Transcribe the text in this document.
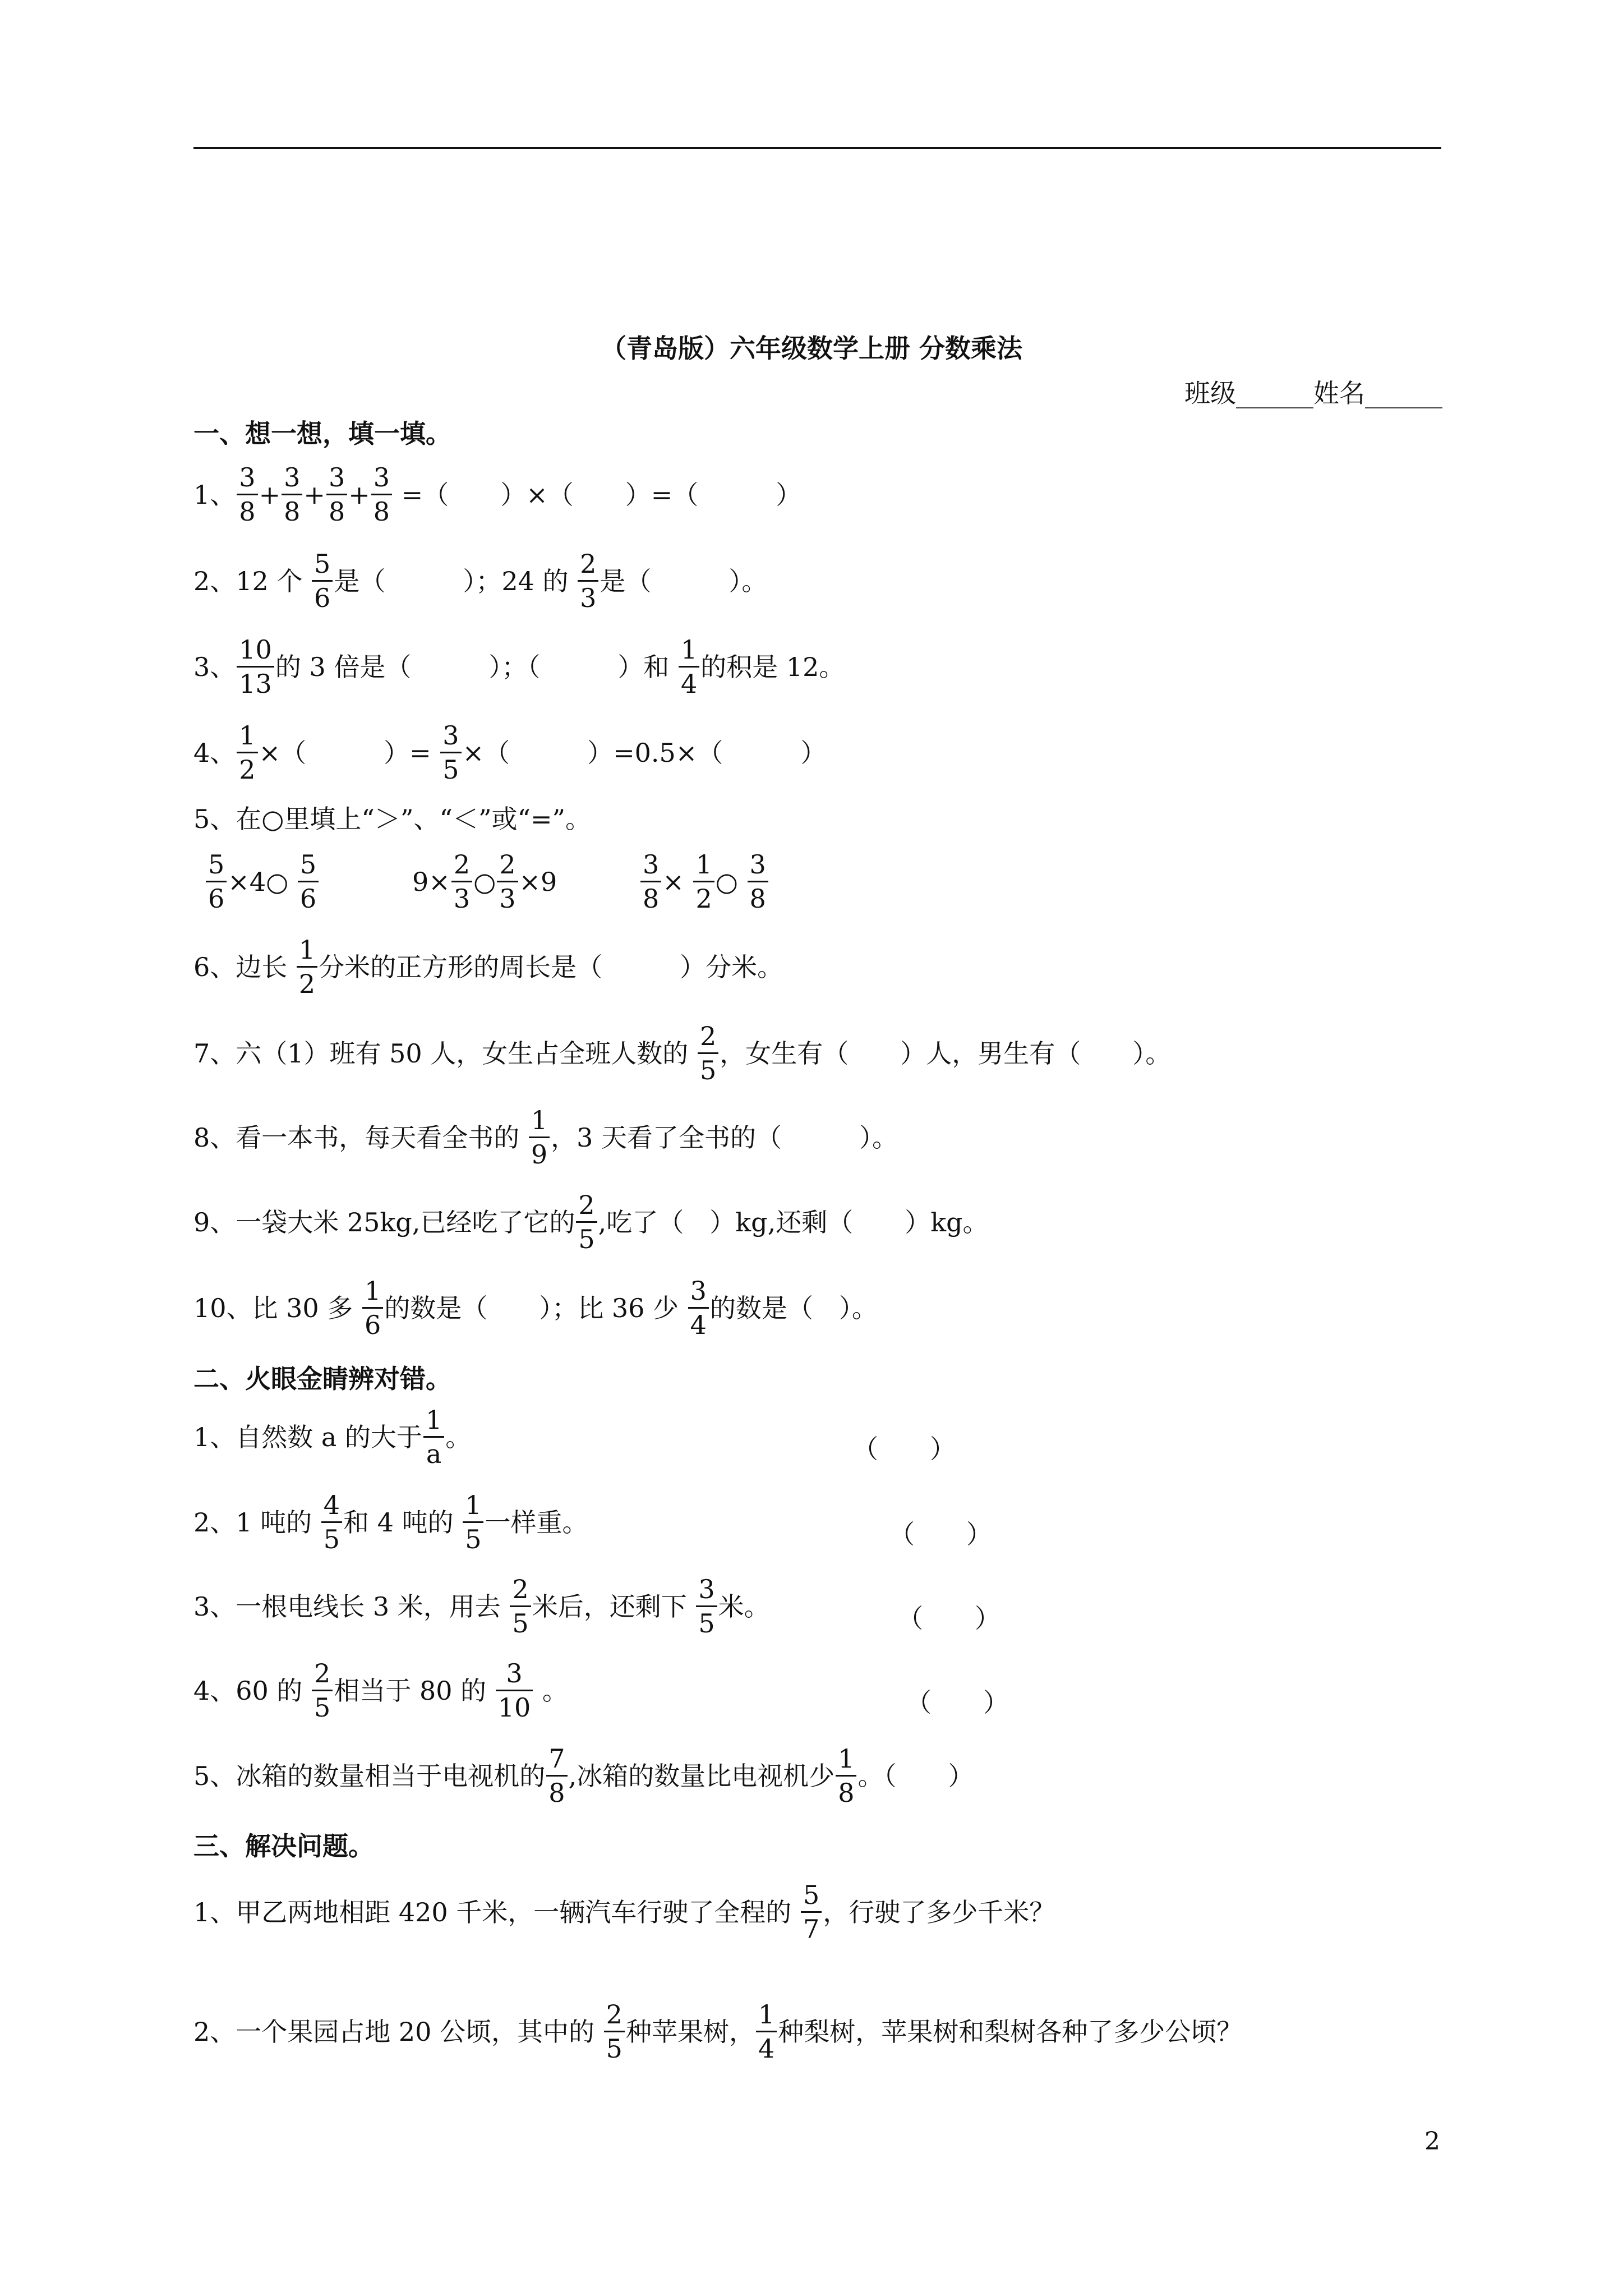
（青岛版）六年级数学上册 分数乘法
班级______姓名______
一、想一想，填一填。
1、 $\frac{3}{8} + \frac{3}{8} + \frac{3}{8} + \frac{3}{8}$ =（　　）×（　　）=（　　　）
2、12 个 $\frac{5}{6}$ 是（　　　）；24 的 $\frac{2}{3}$ 是（　　　）。
3、 $\frac{10}{13}$ 的 3 倍是（　　　）；（　　　）和 $\frac{1}{4}$ 的积是 12。
4、 $\frac{1}{2}$ ×（　　　）= $\frac{3}{5}$ ×（　　　）=0.5×（　　　）
5、在○里填上“＞”、“＜”或“=”。
$\frac{5}{6}$ ×4○ $\frac{5}{6}$	$9\times \frac{2}{3}$ ○ $\frac{2}{3} \times 9$	$\frac{3}{8} \times \frac{1}{2}$ ○ $\frac{3}{8}$
6、边长 $\frac{1}{2}$ 分米的正方形的周长是（　　　）分米。
7、六（1）班有 50 人，女生占全班人数的 $\frac{2}{5}$ ，女生有（　　）人，男生有（　　）。
8、看一本书，每天看全书的 $\frac{1}{9}$ ，3 天看了全书的（　　　）。
9、一袋大米 25kg,已经吃了它的 $\frac{2}{5}$ ,吃了（　）kg,还剩（　　）kg。
10、比 30 多 $\frac{1}{6}$ 的数是（　　）；比 36 少 $\frac{3}{4}$ 的数是（　）。
二、火眼金睛辨对错。
1、自然数 a 的大于 $\frac{1}{a}$ 。	（　　）
2、1 吨的 $\frac{4}{5}$ 和 4 吨的 $\frac{1}{5}$ 一样重。	（　　）
3、一根电线长 3 米，用去 $\frac{2}{5}$ 米后，还剩下 $\frac{3}{5}$ 米。	（　　）
4、60 的 $\frac{2}{5}$ 相当于 80 的 $\frac{3}{10}$ 。	（　　）
5、冰箱的数量相当于电视机的 $\frac{7}{8}$ ,冰箱的数量比电视机少 $\frac{1}{8}$ 。（　　）
三、解决问题。
1、甲乙两地相距 420 千米，一辆汽车行驶了全程的 $\frac{5}{7}$ ，行驶了多少千米？
2、一个果园占地 20 公顷，其中的 $\frac{2}{5}$ 种苹果树， $\frac{1}{4}$ 种梨树，苹果树和梨树各种了多少公顷？
2
